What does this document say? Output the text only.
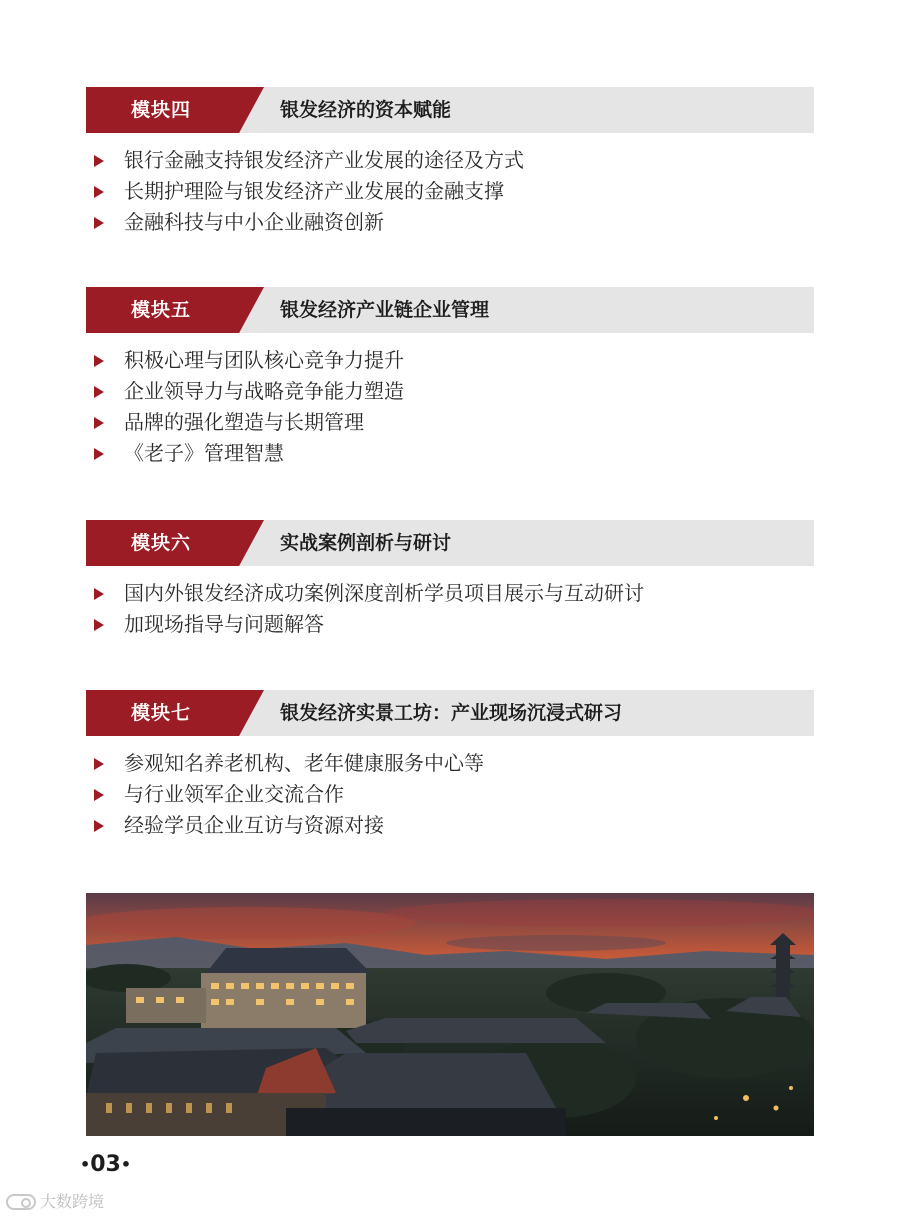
模块四	银发经济的资本赋能
银行金融支持银发经济产业发展的途径及方式
长期护理险与银发经济产业发展的金融支撑
金融科技与中小企业融资创新
模块五	银发经济产业链企业管理
积极心理与团队核心竞争力提升
企业领导力与战略竞争能力塑造
品牌的强化塑造与长期管理
《老子》管理智慧
模块六	实战案例剖析与研讨
国内外银发经济成功案例深度剖析学员项目展示与互动研讨
加现场指导与问题解答
模块七	银发经济实景工坊：产业现场沉浸式研习
参观知名养老机构、老年健康服务中心等
与行业领军企业交流合作
经验学员企业互访与资源对接
•03•
大数跨境
